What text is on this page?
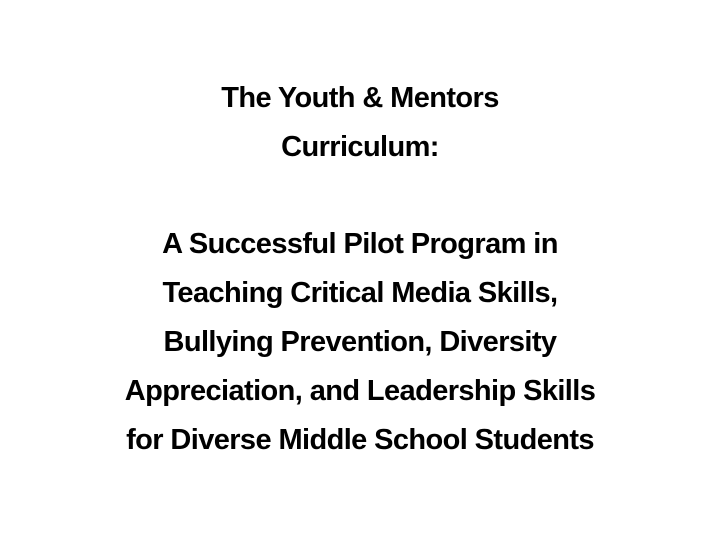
The Youth & Mentors
Curriculum:
A Successful Pilot Program in
Teaching Critical Media Skills,
Bullying Prevention, Diversity
Appreciation, and Leadership Skills
for Diverse Middle School Students
